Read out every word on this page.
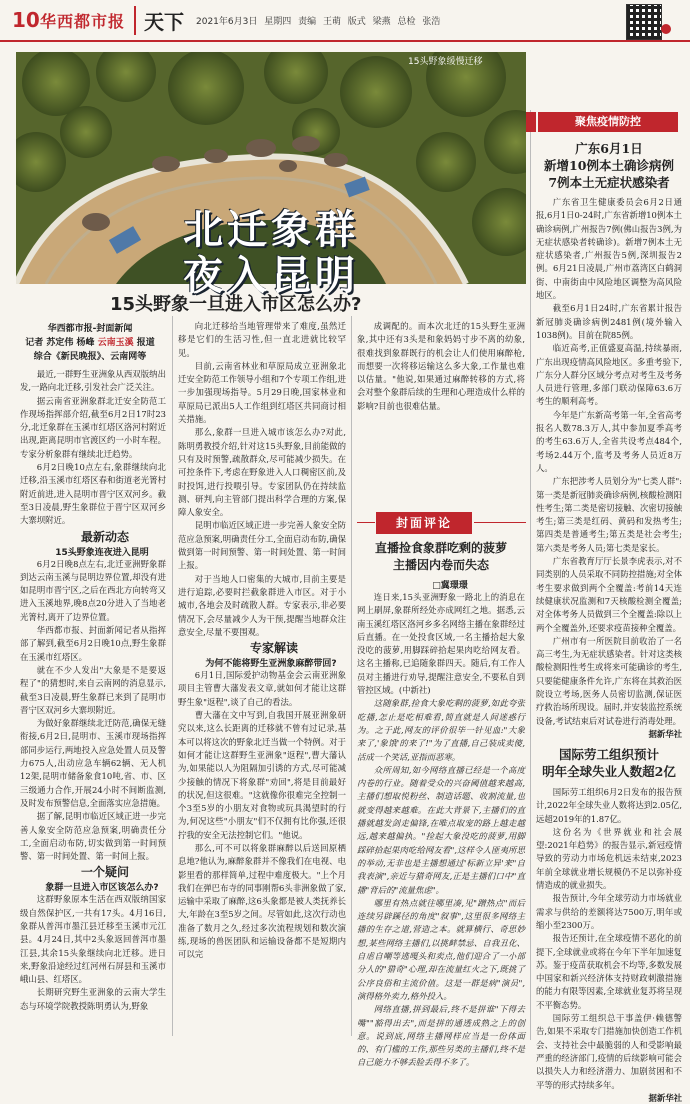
10 华西都市报 天下 2021年6月3日 星期四 责编 王萌 版式 梁燕 总检 张浩
15头野象缓慢迁移
北迁象群
夜入昆明
15头野象一旦进入市区怎么办?
华西都市报-封面新闻
记者 苏定伟 杨峰 云南玉溪 报道
综合《新民晚报》、云南网等

最近,一群野生亚洲象从西双版纳出发,一路向北迁移,引发社会广泛关注。

据云南省亚洲象群北迁安全防范工作现场指挥部介绍,截至6月2日17时23分,北迁象群在玉溪市红塔区洛河村附近出现,距离昆明市官渡区约一小时车程。专家分析象群有继续北迁趋势。

6月2日晚10点左右,象群继续向北迁移,沿玉溪市红塔区春和街道老光箐村附近前进,进入昆明市晋宁区双河乡。截至3日凌晨,野生象群位于晋宁区双河乡大寨坝附近。

最新动态

15头野象连夜进入昆明

6月2日晚8点左右,北迁亚洲野象群到达云南玉溪与昆明边界位置,却没有进如昆明市晋宁区,之后在西北方向转弯又进入玉溪地界,晚8点20分进入了当地老光箐村,离开了边界位置。

华西都市报、封面新闻记者从指挥部了解到,截至6月2日晚10点,野生象群在玉溪市红塔区。

就在不少人发出"大象是不是要返程了"的猜想时,来自云南网的消息显示,截至3日凌晨,野生象群已来到了昆明市晋宁区双河乡大寨坝附近。

为做好象群继续北迁防范,确保无缝衔接,6月2日,昆明市、玉溪市现场指挥部同步运行,两地投入应急处置人员及警力675人,出动应急车辆62辆、无人机12架,昆明市储备象食10吨,省、市、区三级通力合作,开展24小时不间断监测,及时发布预警信息,全面落实应急措施。

据了解,昆明市临近区域正进一步完善人象安全防范应急预案,明确责任分工,全面启动布防,切实做到第一时间预警、第一时间处置、第一时间上报。

一个疑问

象群一旦进入市区该怎么办?

这群野象原本生活在西双版纳国家级自然保护区,一共有17头。4月16日,象群从普洱市墨江县迁移至玉溪市元江县。4月24日,其中2头象返回普洱市墨江县,其余15头象继续向北迁移。进日来,野象沿途经过红河州石屏县和玉溪市峨山县、红塔区。

长期研究野生亚洲象的云南大学生态与环境学院教授陈明勇认为,野象

向北迁移给当地管理带来了难度,虽然迁移是它们的生活习性,但一直北进就比较罕见。

目前,云南省林业和草原局成立亚洲象北迁安全防范工作领导小组和7个专项工作组,进一步加强现场指导。5月29日晚,国家林业和草原局已派出5人工作组到红塔区共同商讨相关措施。

那么,象群一旦进入城市该怎么办?对此,陈明勇教授介绍,针对这15头野象,目前能做的只有及时预警,疏散群众,尽可能减少损失。在可控条件下,考虑在野象进入人口稠密区前,及时投饵,进行投喂引导。专家团队仍在持续监测、研判,向主管部门提出科学合理的方案,保障人象安全。

昆明市临近区域正进一步完善人象安全防范应急预案,明确责任分工,全面启动布防,确保做到第一时间预警、第一时间处置、第一时间上报。

对于当地人口密集的大城市,目前主要是进行追踪,必要时拦截象群进入市区。对于小城市,各地会及时疏散人群。专家表示,非必要情况下,会尽量减少人为干预,提醒当地群众注意安全,尽量不要围观。

专家解读

为何不能将野生亚洲象麻醉带回?

6月1日,国际爱护动物基金会云南亚洲象项目主管曹大藩发表文章,就如何才能让这群野生象"返程",谈了自己的看法。

曹大藩在文中写到,自我国开展亚洲象研究以来,这么长距离的迁移就不曾有过记录,基本可以将这次的野象北迁当做一个特例。对于如何才能让这群野生亚洲象"返程",曹大藩认为,如果能以人为阻隔加引诱的方式,尽可能减少接触的情况下将象群"劝回",将是目前最好的状况,但这很难。"这就像你很难完全控制一个3至5岁的小朋友对食物或玩具渴望时的行为,何况这些"小朋友"们不仅拥有比你强,还很拧我的安全无法控制它们。"他说。

那么,可不可以将象群麻醉以后送回原栖息地?他认为,麻醉象群并不像我们在电视、电影里看的那样简单,过程中难度极大。"上个月我们在弹巴布寺的同事刚帮6头非洲象做了家,运输中采取了麻醉,这6头象都是被人类抚养长大,年龄在3至5岁之间。尽管如此,这次行动也准备了数月之久,经过多次流程规划和数次演练,现场的兽医团队和运输设备都不是短期内可以完

成调配的。而本次北迁的15头野生亚洲象,其中还有3头是和象妈妈寸步不离的幼象,很难找到象群既行的机会让人们使用麻醉枪,而想要一次将移运输这么多大象,工作量也难以估量。"他说,如果通过麻醉转移的方式,将会对整个象群后续的生理和心理造成什么样的影响?目前也很难估量。

封面评论
直播捡食象群吃剩的菠萝
主播因内卷而失态

□冀璟璟

连日来,15头亚洲野象一路北上的消息在网上刷屏,象群所经处亦成网红之地。据悉,云南玉溪红塔区洛河乡多名网络主播在象群经过后直播。在一处投食区域,一名主播拾起大象没吃的菠萝,用脚踩碎拾起果肉吃给网友看。这名主播称,已追随象群四天。随后,有工作人员对主播进行劝导,提醒注意安全,不要私自到管控区域。(中新社)

这随象群,捡食大象吃剩的菠萝,如此夸张吃播,怎止是吃相难看,简直就是人间迷惑行为。之于此,网友的评价很毕一针见血:"大象来了,'象饿'的来了!"为了直播,自己装成卖傻,活成一个笑话,亚指而恶寒。

众所周知,如今网络直播已经是一个高度内卷的行业。随着受众的兴奋阈值越来越高,主播们想取悦粉丝、制造话题、收割流量,也就变得越来越难。在此大背景下,主播们的直播就越发剑走偏锋,在唯点取宠的路上越走越远,越来越偏执。"捡起大象没吃的菠萝,用脚踩碎拾起果肉吃给网友看",这样令人匪夷所思的举动,无非也是主播想通过'标新立异'来"自我表演",亲近与猎奇网友,正是主播们口中"直播"背后的"流量焦虑"。

哪里有热点就往哪里凑,见"蹭热点"而后连续另辟蹊径的角度"叙事",这里很多网络主播的生存之道,营造之本。就算横行、奇思妙想,某些网络主播们,以挑衅禁忌、自我丑化、自虐自嘲等逃嘎头和卖点,他们迎合了一小部分人的"猎奇"心理,却在流量红火之下,既挑了公序良俗和主流价值。这是一群是病"演员",演得格外卖力,格外投入。

网络直播,拼到最后,终不是拼谁"下得去嘴""豁得出去",而是拼的通透成熟之上的创意。说到底,网络主播网样应当是一份体面的、有门槛的工作,那些另类的主播们,终不是自己能力不够丢脸丢得不多了。

聚焦疫情防控
广东6月1日
新增10例本土确诊病例
7例本土无症状感染者

广东省卫生健康委员会6月2日通报,6月1日0-24时,广东省新增10例本土确诊病例,广州报告7例(佛山报告3例,为无症状感染者转确诊)。新增7例本土无症状感染者,广州报告5例,深圳报告2例。6月21日凌晨,广州市荔湾区白鹤洞街、中南街由中风险地区调整为高风险地区。

截至6月1日24时,广东省累计报告新冠肺炎确诊病例2481例(境外输入1038例)。目前在院85例。

临近高考,正值盛夏高温,持续暴雨,广东出现疫情高风险地区。多重考验下,广东分人群分区域分考点对考生及考务人员进行管理,多部门联动保障63.6万考生的顺利高考。

今年是广东新高考第一年,全省高考报名人数78.3万人,其中参加夏季高考的考生63.6万人,全省共设考点484个,考场2.44万个,监考及考务人员近8万人。

广东把涉考人员划分为"七类人群":第一类是新冠肺炎确诊病例,核酸检测阳性考生;第二类是密切接触、次密切接触考生;第三类是红码、黄码和发热考生;第四类是普通考生;第五类是社会考生;第六类是考务人员;第七类是家长。

广东省教育厅厅长景李虎表示,对不同类别的人员采取不同防控措施;对全体考生要求做到两个全覆盖:考前14天连续健康状况监测和7天核酸检测全覆盖;对全体考务人员做到三个全覆盖:除以上两个全覆盖外,还要求疫苗接种全覆盖。

广州市有一所医院目前收治了一名高三考生,为无症状感染者。针对这类核酸检测阳性考生或将来可能确诊的考生,只要能健康条件允许,广东将在其救治医院设立考场,医务人员密切监测,保证医疗救治场所现设。届时,并安装监控系统设备,考试结束后对试卷进行消毒处理。

据新华社

国际劳工组织预计
明年全球失业人数超2亿

国际劳工组织6月2日发布的报告预计,2022年全球失业人数将达到2.05亿,远超2019年的1.87亿。

这份名为《世界就业和社会展望:2021年趋势》的报告显示,新冠疫情导致的劳动力市场危机远未结束,2023年前全球就业增长规模仍不足以弥补疫情造成的就业损失。

报告预计,今年全球劳动力市场就业需求与供给的差额将达7500万,明年或缩小至2300万。

报告还预计,在全球疫情不恶化的前提下,全球就业或将在今年下半年加速复苏。鉴于疫苗获取机会不均等,多数发展中国家和新兴经济体支持财政刺激措施的能力有限等因素,全球就业复苏将呈现不平衡态势。

国际劳工组织总干事盖伊·赖德警告,如果不采取专门措施加快创造工作机会、支持社会中最脆弱的人和受影响最严重的经济部门,疫情的后续影响可能会以损失人力和经济潜力、加剧贫困和不平等的形式持续多年。

据新华社
